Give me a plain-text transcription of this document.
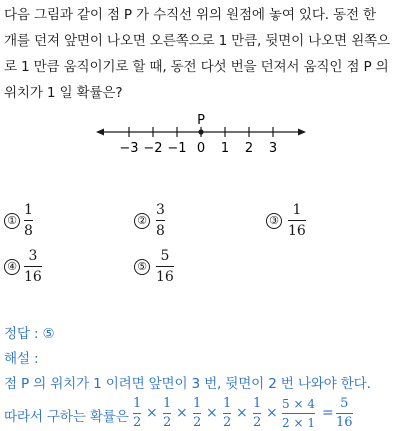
다음 그림과 같이 점 P 가 수직선 위의 원점에 놓여 있다. 동전 한
개를 던져 앞면이 나오면 오른쪽으로 1 만큼, 뒷면이 나오면 왼쪽으
로 1 만큼 움직이기로 할 때, 동전 다섯 번을 던져서 움직인 점 P 의
위치가 1 일 확률은?
−3 −2 −1 0 1 2 3
P
①
1
8
②
3
8
③
1
16
④
3
16
⑤
5
16
정답 : ⑤
해설 :
점 P 의 위치가 1 이려면 앞면이 3 번, 뒷면이 2 번 나와야 한다.
따라서 구하는 확률은
1
2
×
1
2
×
1
2
×
1
2
×
1
2
×
5 × 4
2 × 1
=
5
16
